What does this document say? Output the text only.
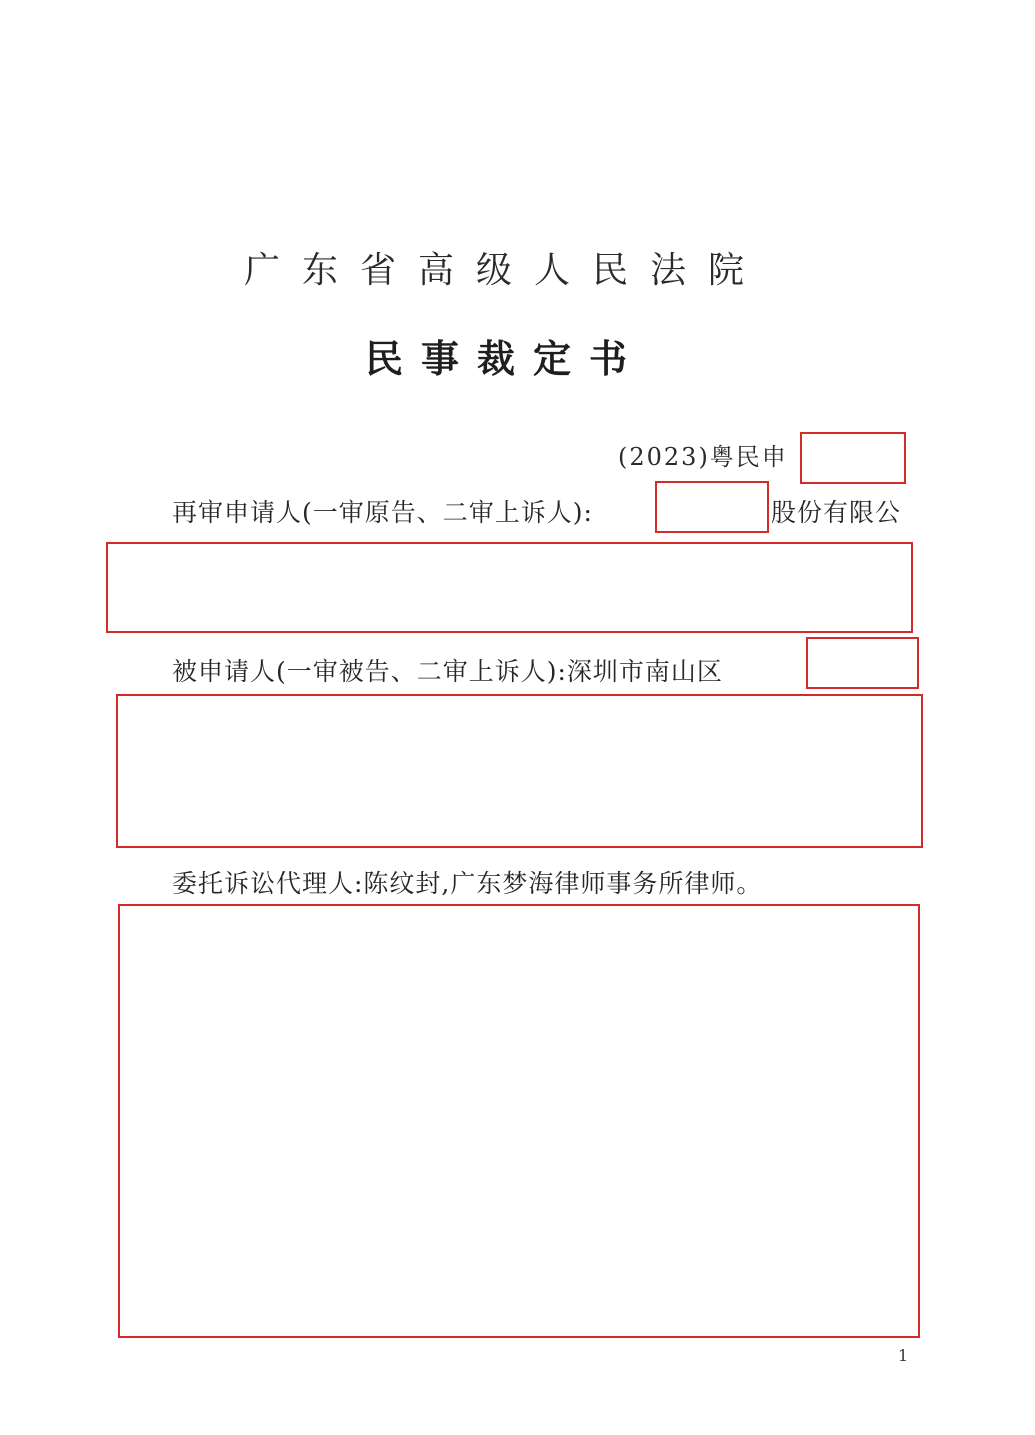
广东省高级人民法院
民事裁定书
(2023)粤民申
再审申请人(一审原告、二审上诉人):	股份有限公
被申请人(一审被告、二审上诉人):深圳市南山区
委托诉讼代理人:陈纹封,广东梦海律师事务所律师。
1
